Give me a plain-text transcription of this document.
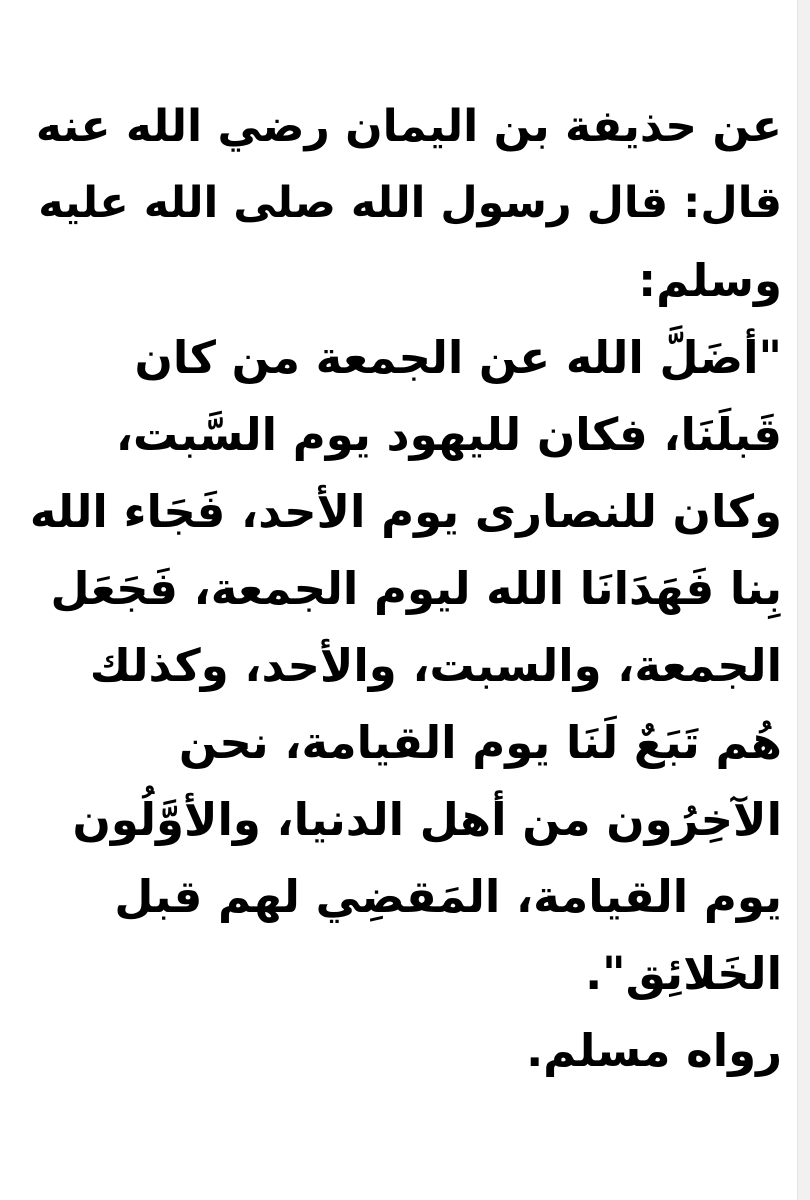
عن حذيفة بن اليمان رضي الله عنه

قال: قال رسول الله صلى الله عليه

وسلم:

"أضَلَّ الله عن الجمعة من كان

قَبلَنَا، فكان لليهود يوم السَّبت،

وكان للنصارى يوم الأحد، فَجَاء الله

بِنا فَهَدَانَا الله ليوم الجمعة، فَجَعَل

الجمعة، والسبت، والأحد، وكذلك

هُم تَبَعٌ لَنَا يوم القيامة، نحن

الآخِرُون من أهل الدنيا، والأوَّلُون

يوم القيامة، المَقضِي لهم قبل

الخَلائِق".

رواه مسلم.
